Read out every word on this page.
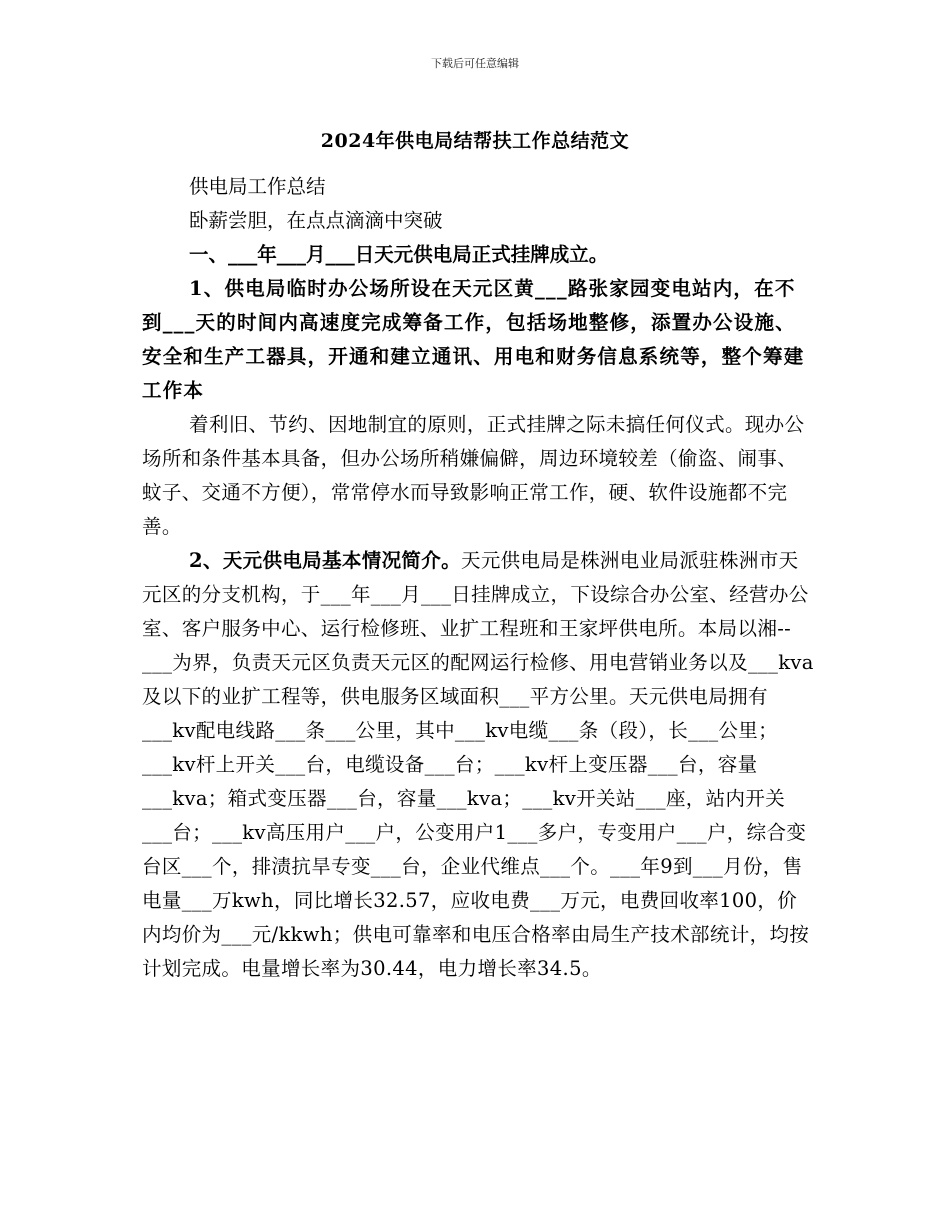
下载后可任意编辑
2024年供电局结帮扶工作总结范文

供电局工作总结

卧薪尝胆，在点点滴滴中突破

一、___年___月___日天元供电局正式挂牌成立。

1、供电局临时办公场所设在天元区黄___路张家园变电站内，在不到___天的时间内高速度完成筹备工作，包括场地整修，添置办公设施、安全和生产工器具，开通和建立通讯、用电和财务信息系统等，整个筹建工作本

着利旧、节约、因地制宜的原则，正式挂牌之际未搞任何仪式。现办公场所和条件基本具备，但办公场所稍嫌偏僻，周边环境较差（偷盗、闹事、蚊子、交通不方便），常常停水而导致影响正常工作，硬、软件设施都不完善。

2、天元供电局基本情况简介。天元供电局是株洲电业局派驻株洲市天元区的分支机构，于___年___月___日挂牌成立，下设综合办公室、经营办公室、客户服务中心、运行检修班、业扩工程班和王家坪供电所。本局以湘--___为界，负责天元区负责天元区的配网运行检修、用电营销业务以及___kva及以下的业扩工程等，供电服务区域面积___平方公里。天元供电局拥有___kv配电线路___条___公里，其中___kv电缆___条（段），长___公里；___kv杆上开关___台，电缆设备___台；___kv杆上变压器___台，容量___kva；箱式变压器___台，容量___kva；___kv开关站___座，站内开关___台；___kv高压用户___户，公变用户1___多户，专变用户___户，综合变台区___个，排渍抗旱专变___台，企业代维点___个。___年9到___月份，售电量___万kwh，同比增长32.57，应收电费___万元，电费回收率100，价内均价为___元/kkwh；供电可靠率和电压合格率由局生产技术部统计，均按计划完成。电量增长率为30.44，电力增长率34.5。
